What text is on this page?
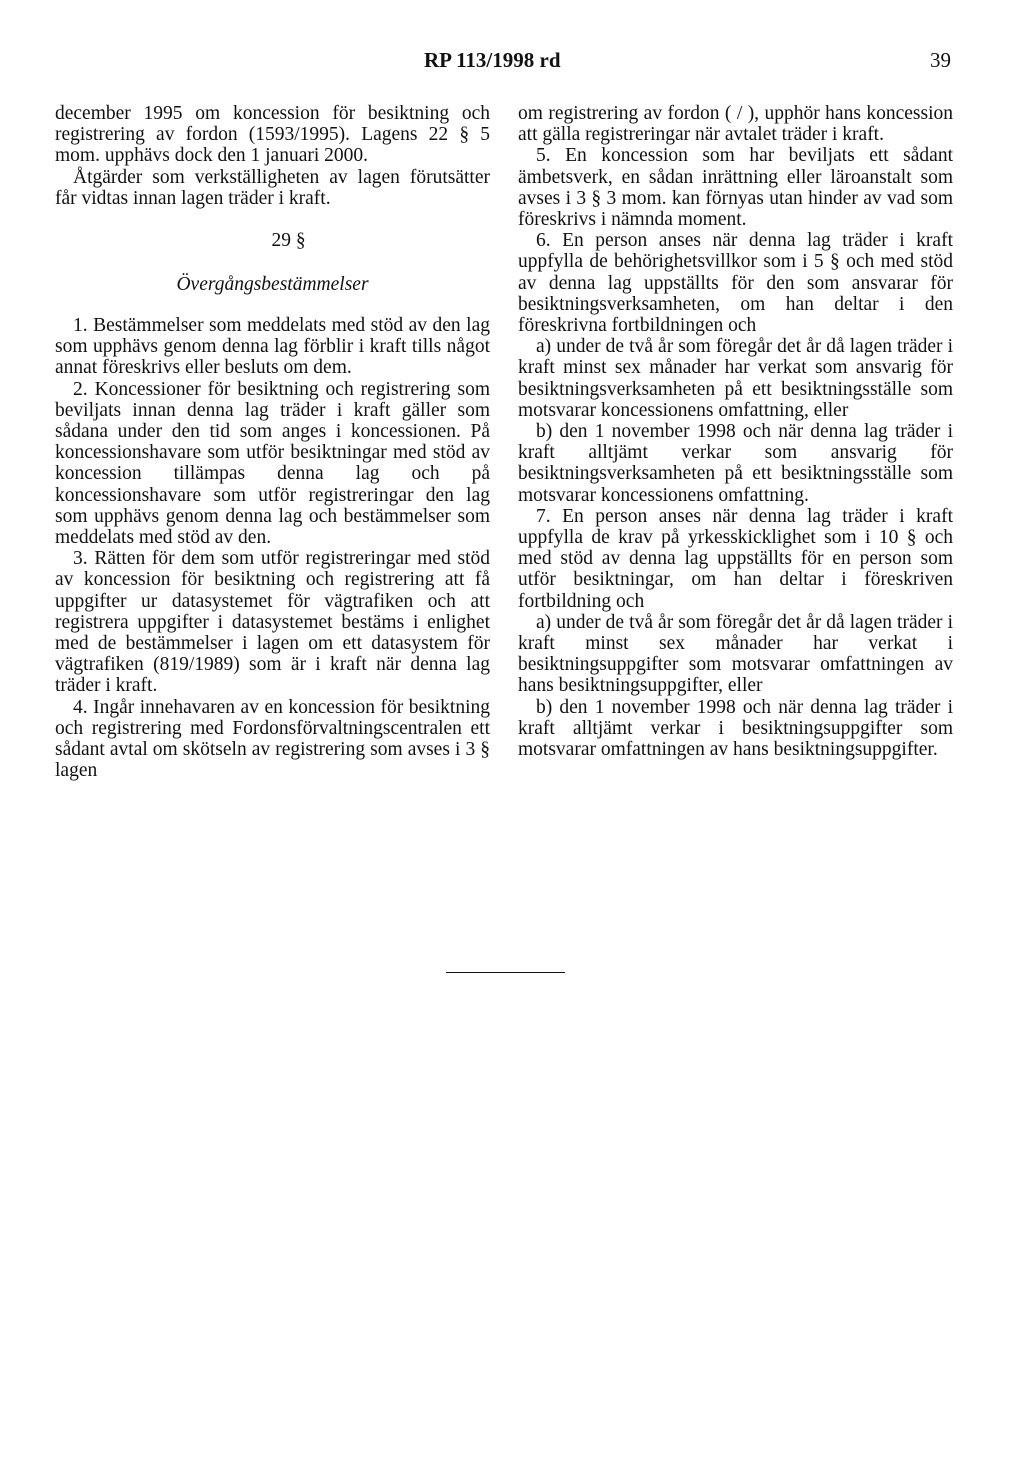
RP 113/1998 rd	39

december 1995 om koncession för besiktning och registrering av fordon (1593/1995). Lagens 22 § 5 mom. upphävs dock den 1 januari 2000.

Åtgärder som verkställigheten av lagen förutsätter får vidtas innan lagen träder i kraft.

29 §
Övergångsbestämmelser

1. Bestämmelser som meddelats med stöd av den lag som upphävs genom denna lag förblir i kraft tills något annat föreskrivs eller besluts om dem.

2. Koncessioner för besiktning och registrering som beviljats innan denna lag träder i kraft gäller som sådana under den tid som anges i koncessionen. På koncessionshavare som utför besiktningar med stöd av koncession tillämpas denna lag och på koncessionshavare som utför registreringar den lag som upphävs genom denna lag och bestämmelser som meddelats med stöd av den.

3. Rätten för dem som utför registreringar med stöd av koncession för besiktning och registrering att få uppgifter ur datasystemet för vägtrafiken och att registrera uppgifter i datasystemet bestäms i enlighet med de bestämmelser i lagen om ett datasystem för vägtrafiken (819/1989) som är i kraft när denna lag träder i kraft.

4. Ingår innehavaren av en koncession för besiktning och registrering med Fordonsförvaltningscentralen ett sådant avtal om skötseln av registrering som avses i 3 § lagen

om registrering av fordon ( / ), upphör hans koncession att gälla registreringar när avtalet träder i kraft.

5. En koncession som har beviljats ett sådant ämbetsverk, en sådan inrättning eller läroanstalt som avses i 3 § 3 mom. kan förnyas utan hinder av vad som föreskrivs i nämnda moment.

6. En person anses när denna lag träder i kraft uppfylla de behörighetsvillkor som i 5 § och med stöd av denna lag uppställts för den som ansvarar för besiktningsverksamheten, om han deltar i den föreskrivna fortbildningen och

a) under de två år som föregår det år då lagen träder i kraft minst sex månader har verkat som ansvarig för besiktningsverksamheten på ett besiktningsställe som motsvarar koncessionens omfattning, eller

b) den 1 november 1998 och när denna lag träder i kraft alltjämt verkar som ansvarig för besiktningsverksamheten på ett besiktningsställe som motsvarar koncessionens omfattning.

7. En person anses när denna lag träder i kraft uppfylla de krav på yrkesskicklighet som i 10 § och med stöd av denna lag uppställts för en person som utför besiktningar, om han deltar i föreskriven fortbildning och

a) under de två år som föregår det år då lagen träder i kraft minst sex månader har verkat i besiktningsuppgifter som motsvarar omfattningen av hans besiktningsuppgifter, eller

b) den 1 november 1998 och när denna lag träder i kraft alltjämt verkar i besiktningsuppgifter som motsvarar omfattningen av hans besiktningsuppgifter.
